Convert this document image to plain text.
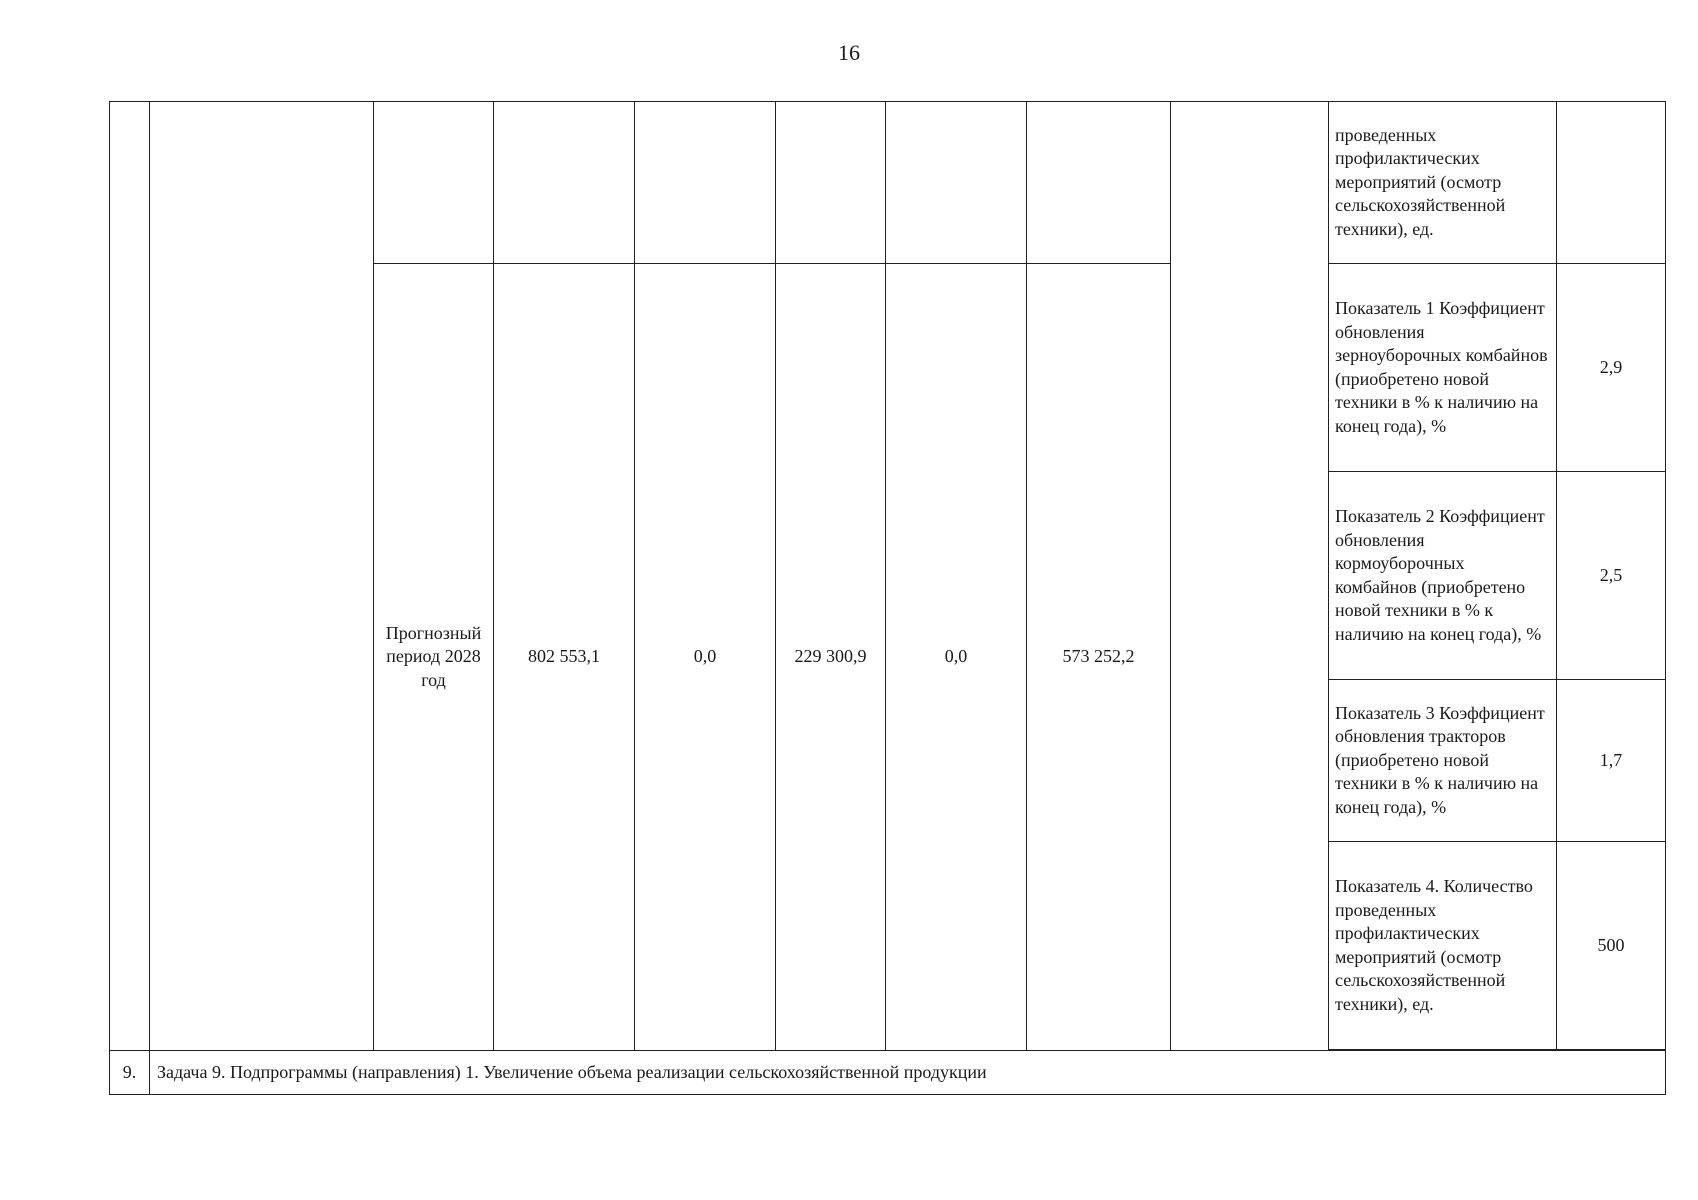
16
									проведенных профилактических мероприятий (осмотр сельскохозяйственной техники), ед.	
		Прогнозный период 2028 год	802 553,1	0,0	229 300,9	0,0	573 252,2		Показатель 1 Коэффициент обновления зерноуборочных комбайнов (приобретено новой техники в % к наличию на конец года), %	2,9
									Показатель 2 Коэффициент обновления кормоуборочных комбайнов (приобретено новой техники в % к наличию на конец года), %	2,5
									Показатель 3 Коэффициент обновления тракторов (приобретено новой техники в % к наличию на конец года), %	1,7
									Показатель 4. Количество проведенных профилактических мероприятий (осмотр сельскохозяйственной техники), ед.	500

9.	Задача 9. Подпрограммы (направления) 1. Увеличение объема реализации сельскохозяйственной продукции									
